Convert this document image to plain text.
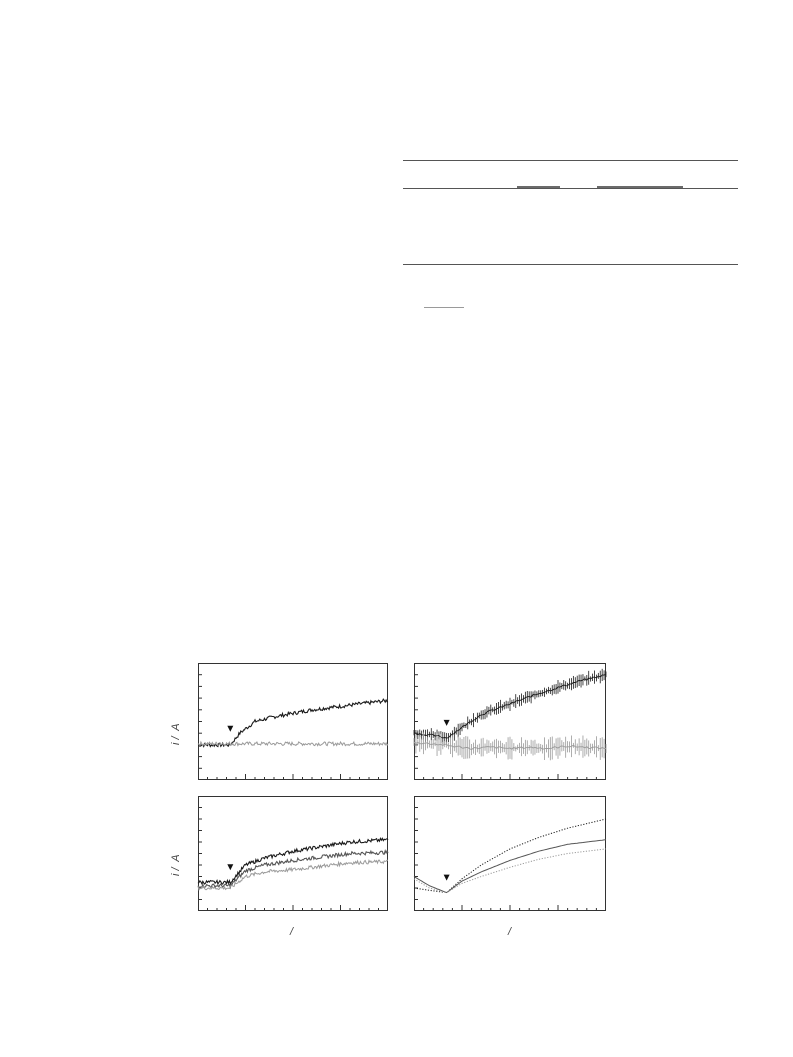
i /  A
i /  A
/	/
